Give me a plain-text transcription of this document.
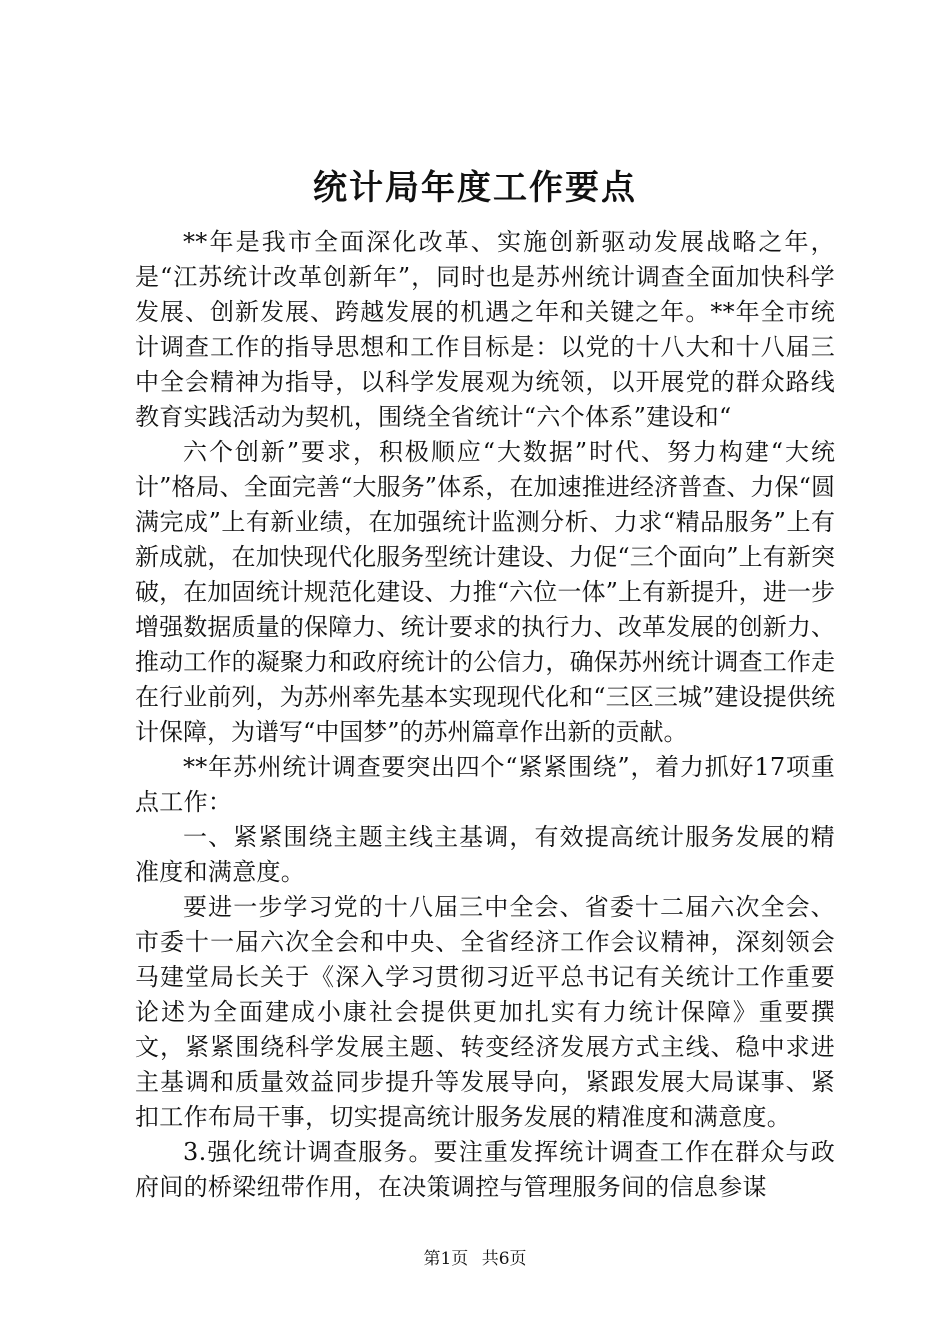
统计局年度工作要点

**年是我市全面深化改革、实施创新驱动发展战略之年，是“江苏统计改革创新年”，同时也是苏州统计调查全面加快科学发展、创新发展、跨越发展的机遇之年和关键之年。**年全市统计调查工作的指导思想和工作目标是：以党的十八大和十八届三中全会精神为指导，以科学发展观为统领，以开展党的群众路线教育实践活动为契机，围绕全省统计“六个体系”建设和“

六个创新”要求，积极顺应“大数据”时代、努力构建“大统计”格局、全面完善“大服务”体系，在加速推进经济普查、力保“圆满完成”上有新业绩，在加强统计监测分析、力求“精品服务”上有新成就，在加快现代化服务型统计建设、力促“三个面向”上有新突破，在加固统计规范化建设、力推“六位一体”上有新提升，进一步增强数据质量的保障力、统计要求的执行力、改革发展的创新力、推动工作的凝聚力和政府统计的公信力，确保苏州统计调查工作走在行业前列，为苏州率先基本实现现代化和“三区三城”建设提供统计保障，为谱写“中国梦”的苏州篇章作出新的贡献。

**年苏州统计调查要突出四个“紧紧围绕”，着力抓好17项重点工作：

一、紧紧围绕主题主线主基调，有效提高统计服务发展的精准度和满意度。

要进一步学习党的十八届三中全会、省委十二届六次全会、市委十一届六次全会和中央、全省经济工作会议精神，深刻领会马建堂局长关于《深入学习贯彻习近平总书记有关统计工作重要论述为全面建成小康社会提供更加扎实有力统计保障》重要撰文，紧紧围绕科学发展主题、转变经济发展方式主线、稳中求进主基调和质量效益同步提升等发展导向，紧跟发展大局谋事、紧扣工作布局干事，切实提高统计服务发展的精准度和满意度。

3.强化统计调查服务。要注重发挥统计调查工作在群众与政府间的桥梁纽带作用，在决策调控与管理服务间的信息参谋

第1页 共6页
